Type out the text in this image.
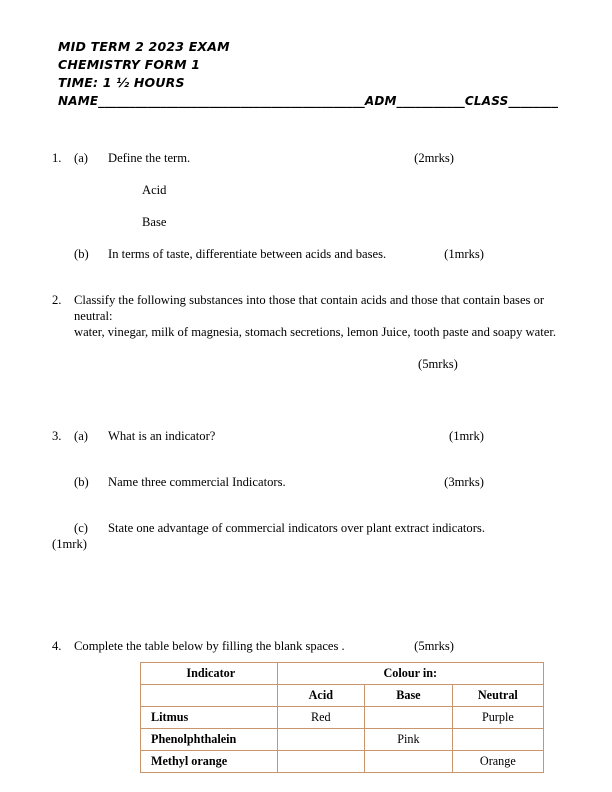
MID TERM 2 2023 EXAM
CHEMISTRY FORM 1
TIME: 1 ½ HOURS
NAME___________________________________________ADM___________CLASS________
1. (a)	Define the term.	(2mrks)
Acid
Base
(b)	In terms of taste, differentiate between acids and bases.	(1mrks)
2. Classify the following substances into those that contain acids and those that contain bases or neutral:
water, vinegar, milk of magnesia, stomach secretions, lemon Juice, tooth paste and soapy water.
(5mrks)
3. (a)	What is an indicator?	(1mrk)
(b)	Name three commercial Indicators.	(3mrks)
(c)	State one advantage of commercial indicators over plant extract indicators.
(1mrk)
4. Complete the table below by filling the blank spaces .	(5mrks)
Indicator	Colour in:		
	Acid	Base	Neutral
Litmus	Red		Purple
Phenolphthalein		Pink	
Methyl orange			Orange
